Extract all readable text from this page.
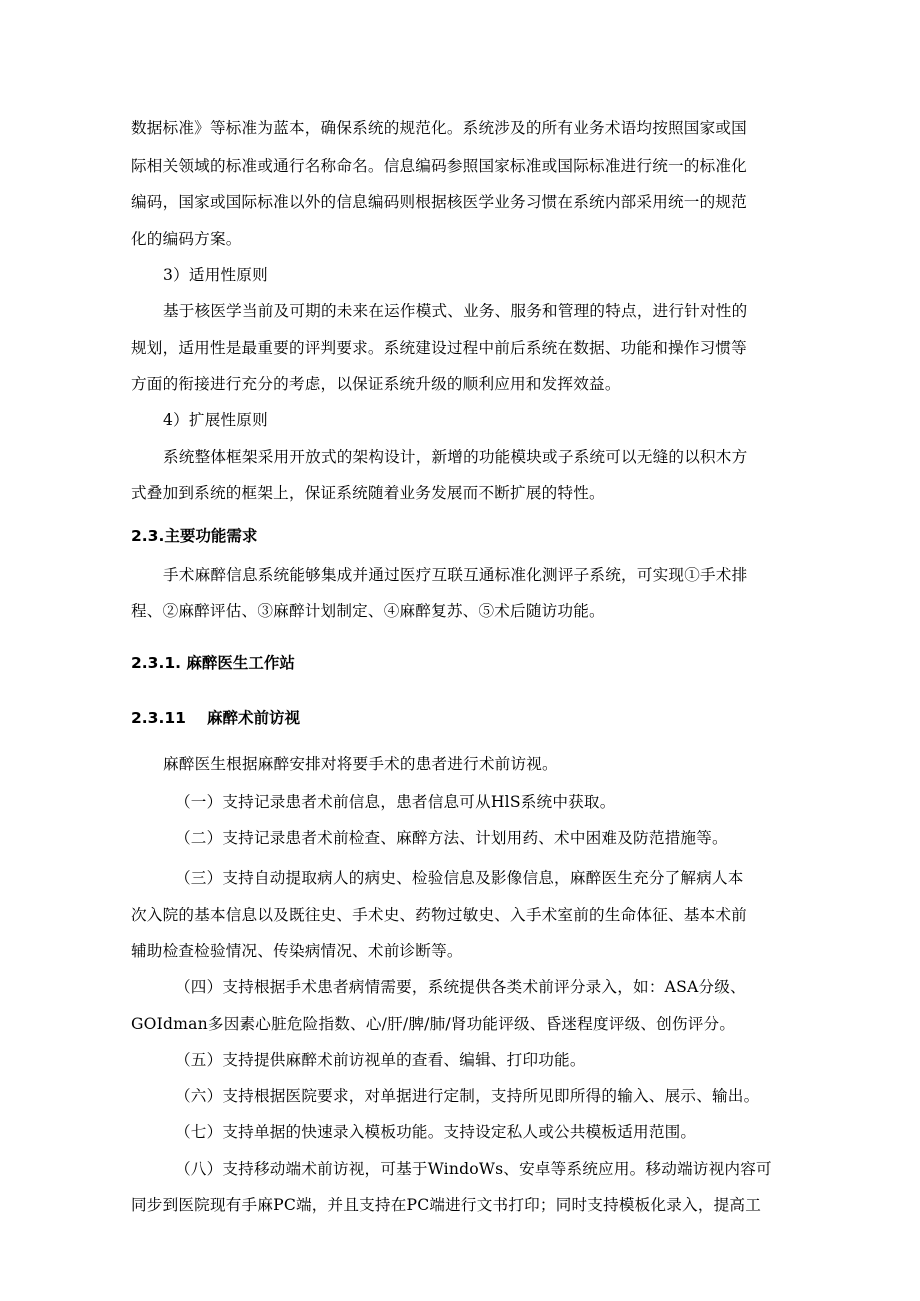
数据标准》等标准为蓝本，确保系统的规范化。系统涉及的所有业务术语均按照国家或国
际相关领域的标准或通行名称命名。信息编码参照国家标准或国际标准进行统一的标准化
编码，国家或国际标准以外的信息编码则根据核医学业务习惯在系统内部采用统一的规范
化的编码方案。
3）适用性原则
基于核医学当前及可期的未来在运作模式、业务、服务和管理的特点，进行针对性的
规划，适用性是最重要的评判要求。系统建设过程中前后系统在数据、功能和操作习惯等
方面的衔接进行充分的考虑，以保证系统升级的顺利应用和发挥效益。
4）扩展性原则
系统整体框架采用开放式的架构设计，新增的功能模块或子系统可以无缝的以积木方
式叠加到系统的框架上，保证系统随着业务发展而不断扩展的特性。
2.3.主要功能需求
手术麻醉信息系统能够集成并通过医疗互联互通标准化测评子系统，可实现①手术排
程、②麻醉评估、③麻醉计划制定、④麻醉复苏、⑤术后随访功能。
2.3.1. 麻醉医生工作站
2.3.11 麻醉术前访视
麻醉医生根据麻醉安排对将要手术的患者进行术前访视。
（一）支持记录患者术前信息，患者信息可从HlS系统中获取。
（二）支持记录患者术前检查、麻醉方法、计划用药、术中困难及防范措施等。
（三）支持自动提取病人的病史、检验信息及影像信息，麻醉医生充分了解病人本
次入院的基本信息以及既往史、手术史、药物过敏史、入手术室前的生命体征、基本术前
辅助检查检验情况、传染病情况、术前诊断等。
（四）支持根据手术患者病情需要，系统提供各类术前评分录入，如：ASA分级、
GOIdman多因素心脏危险指数、心/肝/脾/肺/肾功能评级、昏迷程度评级、创伤评分。
（五）支持提供麻醉术前访视单的查看、编辑、打印功能。
（六）支持根据医院要求，对单据进行定制，支持所见即所得的输入、展示、输出。
（七）支持单据的快速录入模板功能。支持设定私人或公共模板适用范围。
（八）支持移动端术前访视，可基于WindoWs、安卓等系统应用。移动端访视内容可
同步到医院现有手麻PC端，并且支持在PC端进行文书打印；同时支持模板化录入，提高工
